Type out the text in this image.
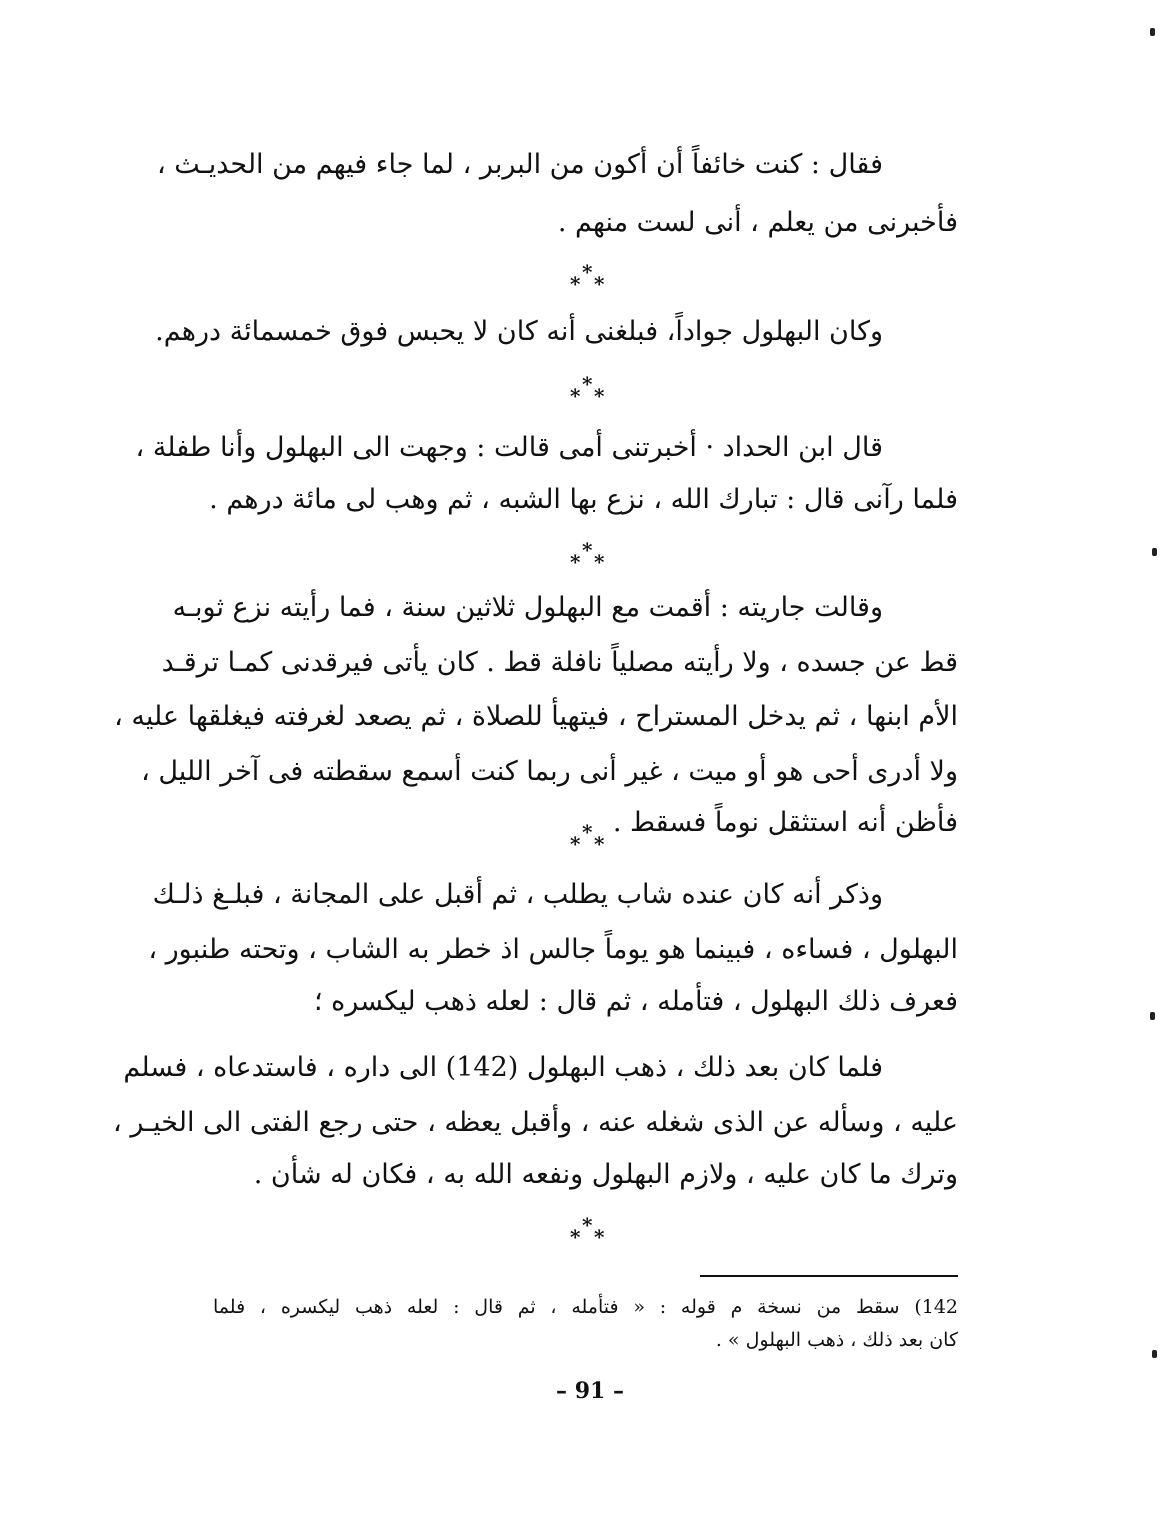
فقال : كنت خائفاً أن أكون من البربر ، لما جاء فيهم من الحديـث ،
فأخبرنى من يعلم ، أنى لست منهم .
* * *
وكان البهلول جواداً، فبلغنى أنه كان لا يحبس فوق خمسمائة درهم.
* * *
قال ابن الحداد · أخبرتنى أمى قالت : وجهت الى البهلول وأنا طفلة ،
فلما رآنى قال : تبارك الله ، نزع بها الشبه ، ثم وهب لى مائة درهم .
* * *
وقالت جاريته : أقمت مع البهلول ثلاثين سنة ، فما رأيته نزع ثوبـه
قط عن جسده ، ولا رأيته مصلياً نافلة قط . كان يأتى فيرقدنى كمـا ترقـد
الأم ابنها ، ثم يدخل المستراح ، فيتهيأ للصلاة ، ثم يصعد لغرفته فيغلقها عليه ،
ولا أدرى أحى هو أو ميت ، غير أنى ربما كنت أسمع سقطته فى آخر الليل ،
فأظن أنه استثقل نوماً فسقط .
* * *
وذكر أنه كان عنده شاب يطلب ، ثم أقبل على المجانة ، فبلـغ ذلـك
البهلول ، فساءه ، فبينما هو يوماً جالس اذ خطر به الشاب ، وتحته طنبور ،
فعرف ذلك البهلول ، فتأمله ، ثم قال : لعله ذهب ليكسره ؛
فلما كان بعد ذلك ، ذهب البهلول (142) الى داره ، فاستدعاه ، فسلم
عليه ، وسأله عن الذى شغله عنه ، وأقبل يعظه ، حتى رجع الفتى الى الخيـر ،
وترك ما كان عليه ، ولازم البهلول ونفعه الله به ، فكان له شأن .
* * *
142) سقط من نسخة م قوله : « فتأمله ، ثم قال : لعله ذهب ليكسره ، فلما
كان بعد ذلك ، ذهب البهلول » .
– 91 –
